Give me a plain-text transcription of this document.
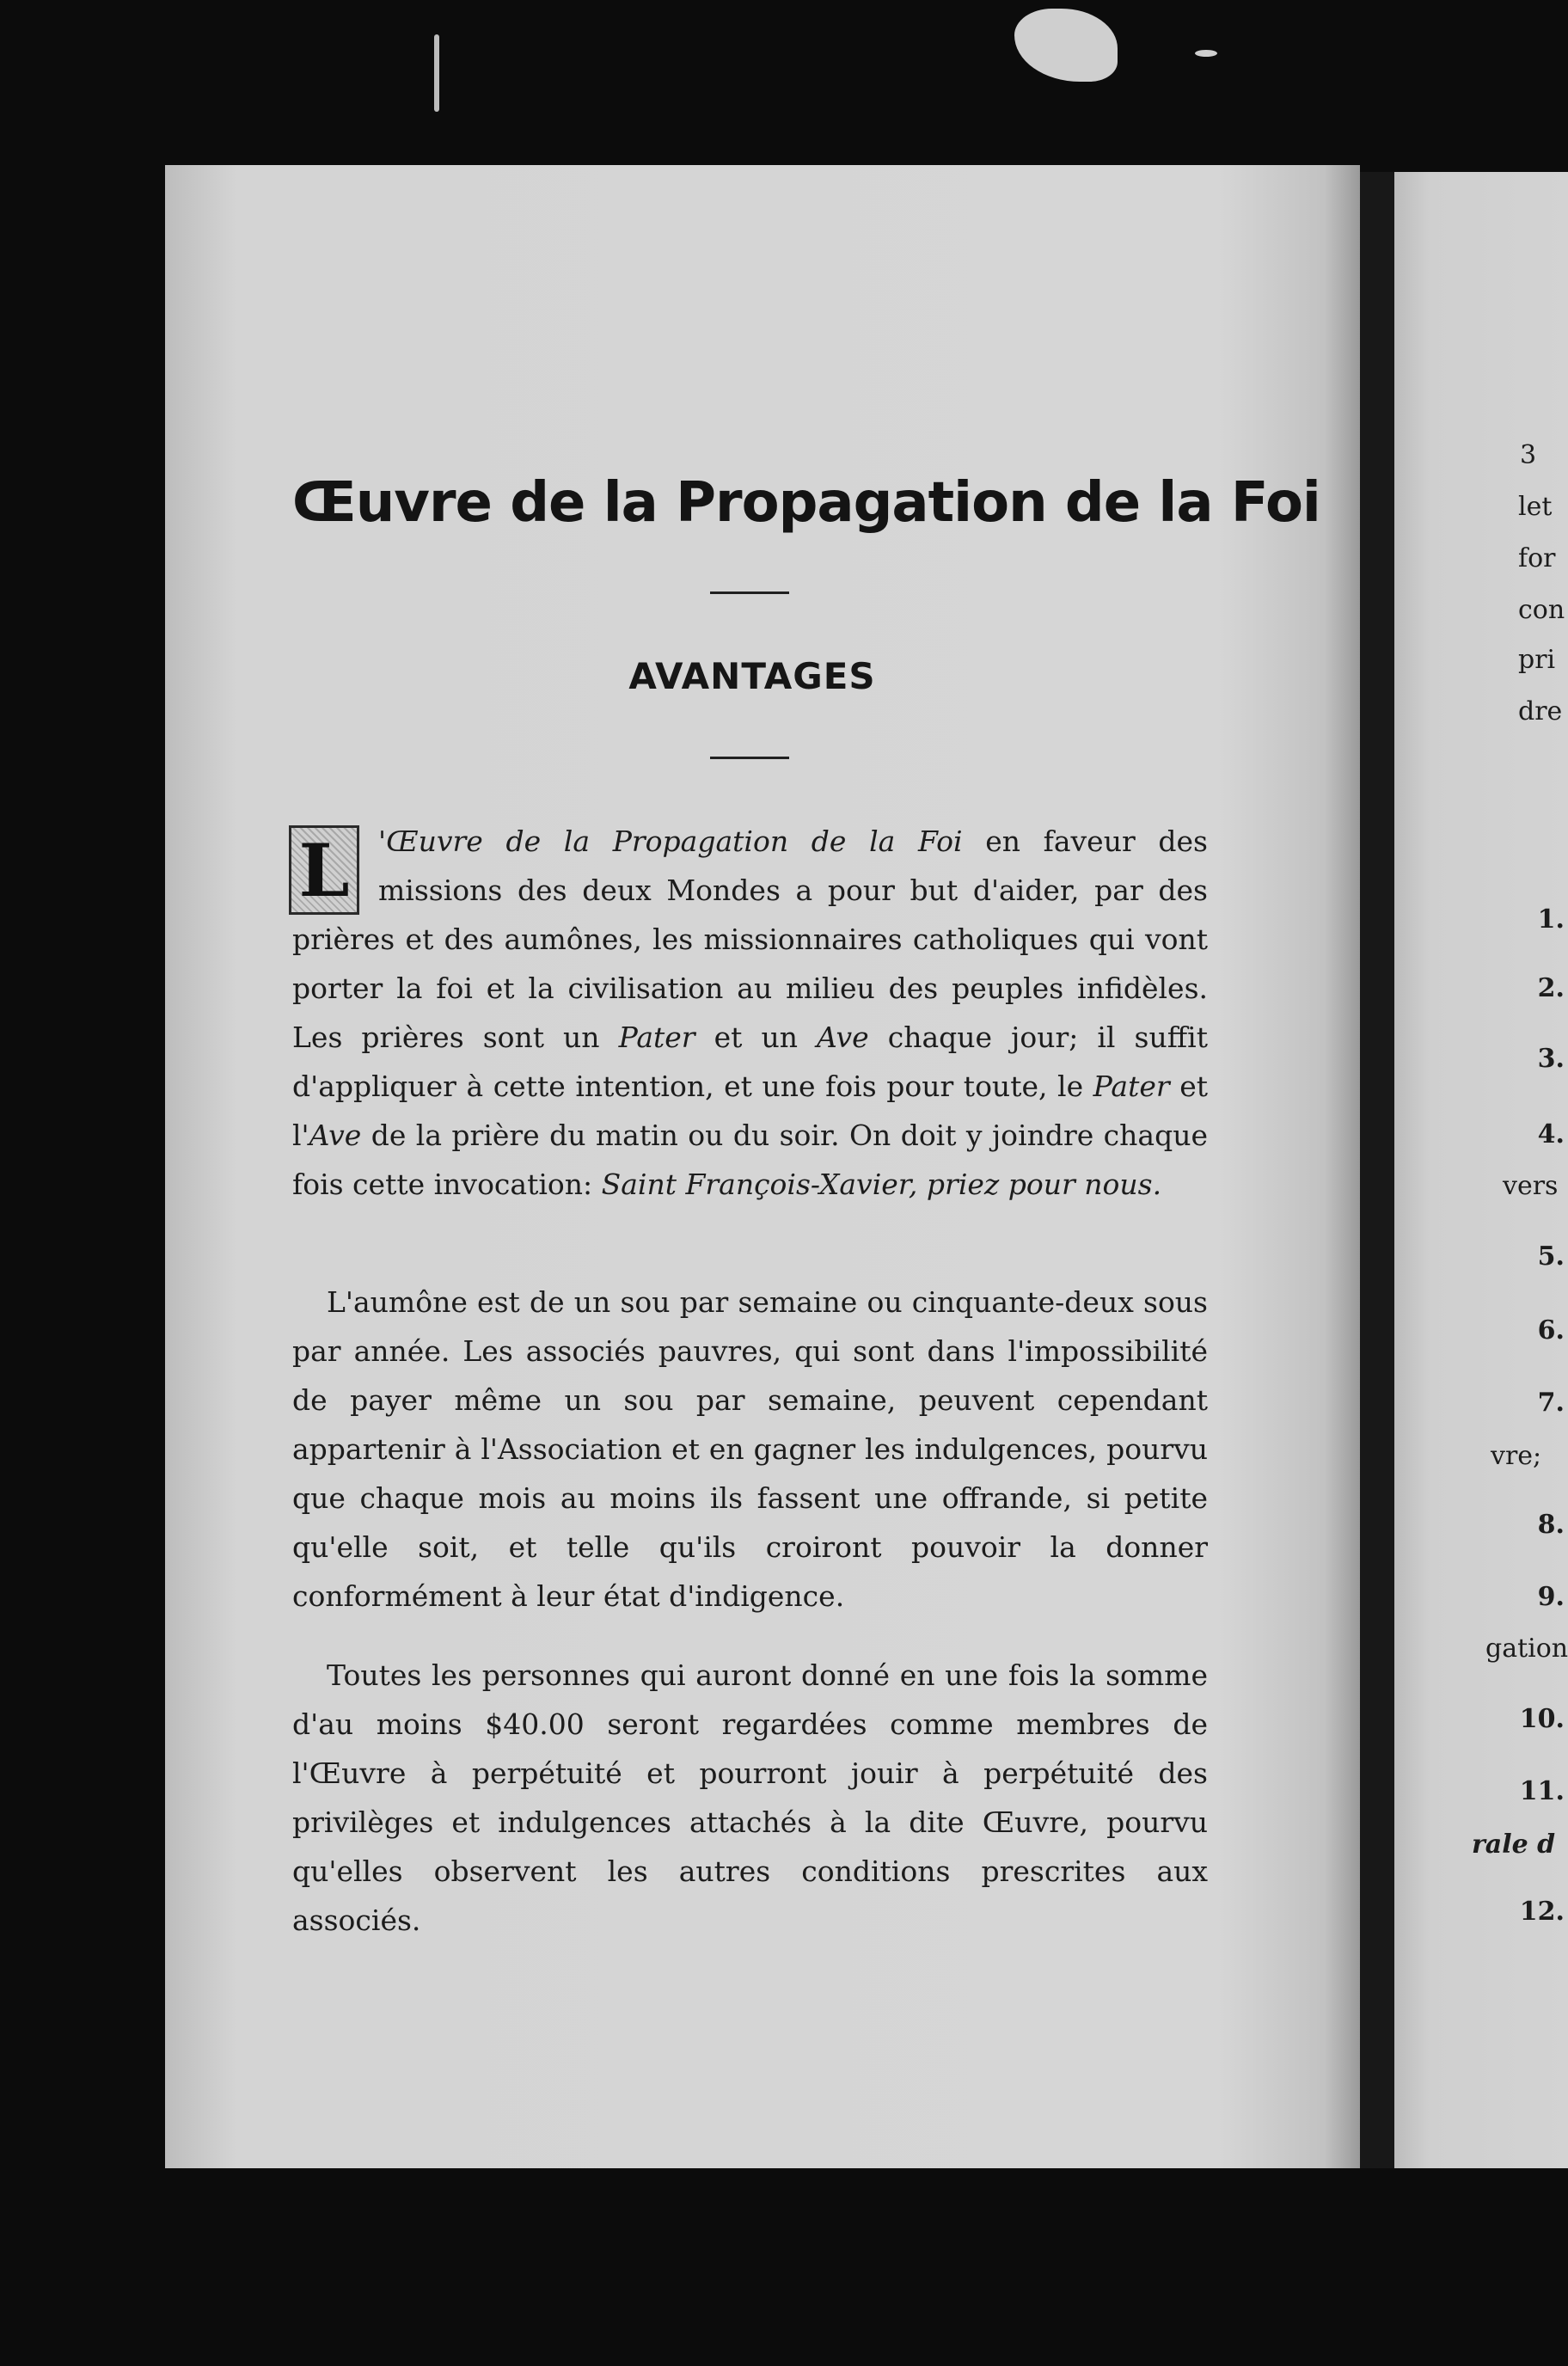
Œuvre de la Propagation de la Foi
AVANTAGES
L 'Œuvre de la Propagation de la Foi en faveur des missions des deux Mondes a pour but d'aider, par des prières et des aumônes, les missionnaires catholiques qui vont porter la foi et la civilisation au milieu des peuples infidèles. Les prières sont un Pater et un Ave chaque jour; il suffit d'appliquer à cette intention, et une fois pour toute, le Pater et l'Ave de la prière du matin ou du soir. On doit y joindre chaque fois cette invocation: Saint François-Xavier, priez pour nous.
L'aumône est de un sou par semaine ou cinquante-deux sous par année. Les associés pauvres, qui sont dans l'impossibilité de payer même un sou par semaine, peuvent cependant appartenir à l'Association et en gagner les indulgences, pourvu que chaque mois au moins ils fassent une offrande, si petite qu'elle soit, et telle qu'ils croiront pouvoir la donner conformément à leur état d'indigence.
Toutes les personnes qui auront donné en une fois la somme d'au moins $40.00 seront regardées comme membres de l'Œuvre à perpétuité et pourront jouir à perpétuité des privilèges et indulgences attachés à la dite Œuvre, pourvu qu'elles observent les autres conditions prescrites aux associés.
3
let
for
con
pri
dre
1.
2.
3.
4.
vers
5.
6.
7.
vre;
8.
9.
gation
10.
11.
rale d
12.
